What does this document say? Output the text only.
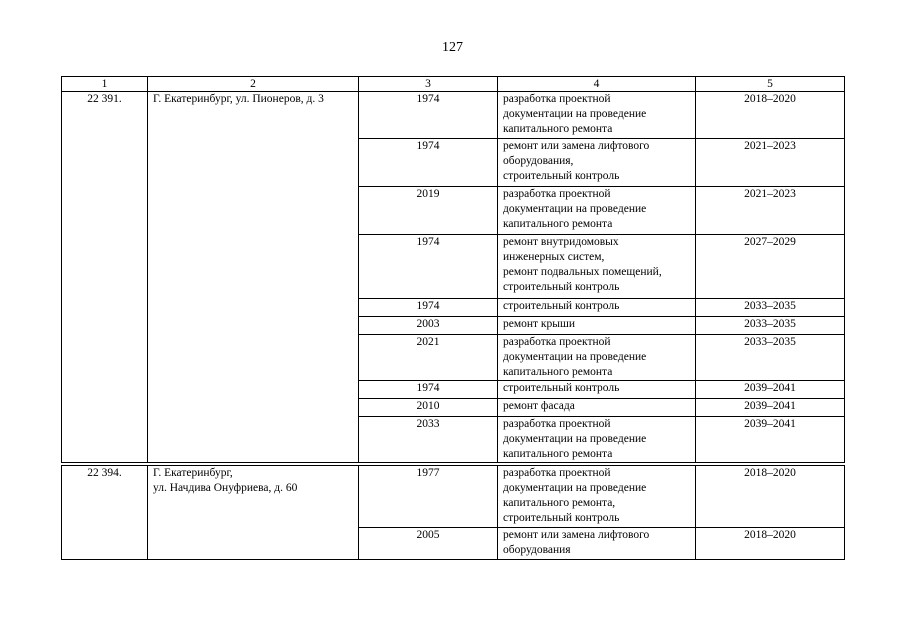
127
1	2	3	4	5
22 391.	Г. Екатеринбург, ул. Пионеров, д. 3	1974	разработка проектной
документации на проведение
капитального ремонта	2018–2020
		1974	ремонт или замена лифтового
оборудования,
строительный контроль	2021–2023
		2019	разработка проектной
документации на проведение
капитального ремонта	2021–2023
		1974	ремонт внутридомовых
инженерных систем,
ремонт подвальных помещений,
строительный контроль	2027–2029
		1974	строительный контроль	2033–2035
		2003	ремонт крыши	2033–2035
		2021	разработка проектной
документации на проведение
капитального ремонта	2033–2035
		1974	строительный контроль	2039–2041
		2010	ремонт фасада	2039–2041
		2033	разработка проектной
документации на проведение
капитального ремонта	2039–2041
22 394.	Г. Екатеринбург,
ул. Начдива Онуфриева, д. 60	1977	разработка проектной
документации на проведение
капитального ремонта,
строительный контроль	2018–2020
		2005	ремонт или замена лифтового
оборудования	2018–2020
